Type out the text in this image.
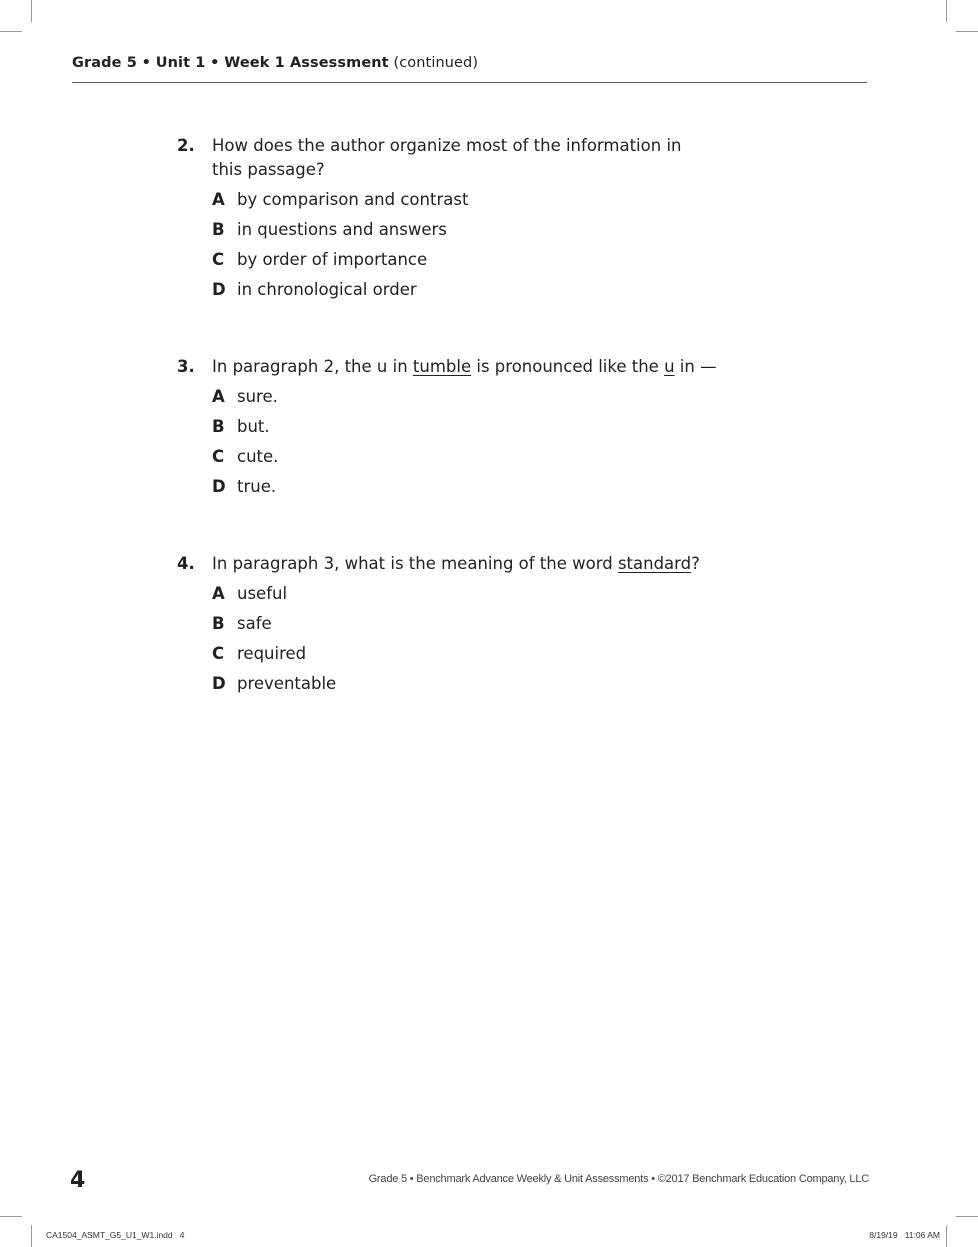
Grade 5 • Unit 1 • Week 1 Assessment (continued)
2. How does the author organize most of the information in
this passage?
A by comparison and contrast
B in questions and answers
C by order of importance
D in chronological order
3. In paragraph 2, the u in tumble is pronounced like the u in —
A sure.
B but.
C cute.
D true.
4. In paragraph 3, what is the meaning of the word standard?
A useful
B safe
C required
D preventable
4	Grade 5 • Benchmark Advance Weekly & Unit Assessments • ©2017 Benchmark Education Company, LLC
CA1504_ASMT_G5_U1_W1.indd   4	8/19/19   11:06 AM
